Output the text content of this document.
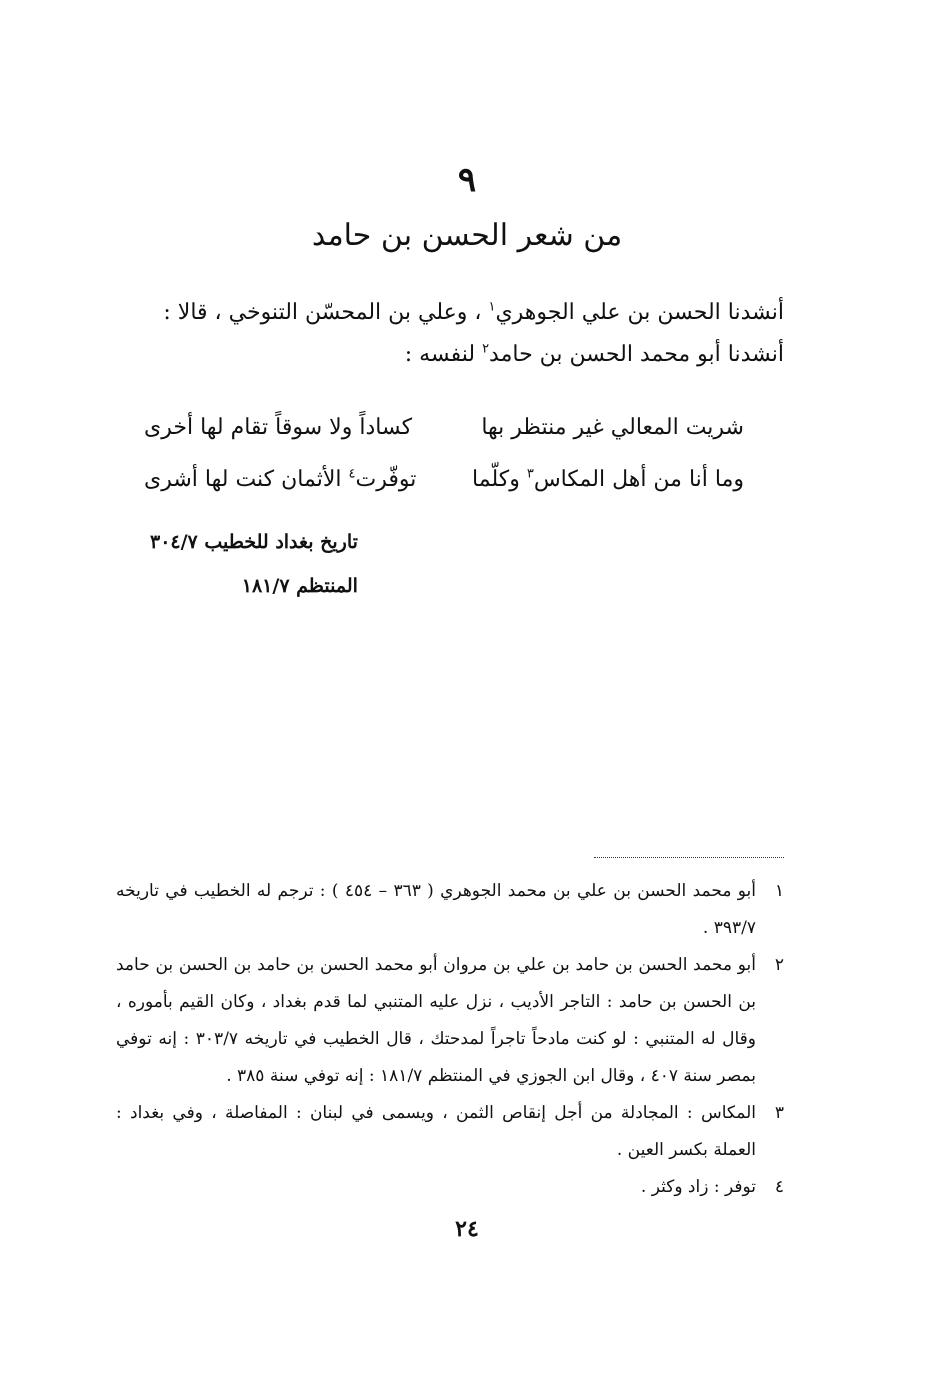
٩
من شعر الحسن بن حامد

أنشدنا الحسن بن علي الجوهري$^١$ ، وعلي بن المحسّن التنوخي ، قالا :

أنشدنا أبو محمد الحسن بن حامد$^٢$ لنفسه :

شريت المعالي غير منتظر بها
كساداً ولا سوقاً تقام لها أخرى
وما أنا من أهل المكاس$^٣$ وكلّما
توفّرت$^٤$ الأثمان كنت لها أشرى
تاريخ بغداد للخطيب ٣٠٤/٧
المنتظم ١٨١/٧
١
أبو محمد الحسن بن علي بن محمد الجوهري ( ٣٦٣ – ٤٥٤ ) : ترجم له الخطيب في تاريخه ٣٩٣/٧ .
٢
أبو محمد الحسن بن حامد بن علي بن مروان أبو محمد الحسن بن حامد بن الحسن بن حامد بن الحسن بن حامد : التاجر الأديب ، نزل عليه المتنبي لما قدم بغداد ، وكان القيم بأموره ، وقال له المتنبي : لو كنت مادحاً تاجراً لمدحتك ، قال الخطيب في تاريخه ٣٠٣/٧ : إنه توفي بمصر سنة ٤٠٧ ، وقال ابن الجوزي في المنتظم ١٨١/٧ : إنه توفي سنة ٣٨٥ .
٣
المكاس : المجادلة من أجل إنقاص الثمن ، ويسمى في لبنان : المفاصلة ، وفي بغداد : العملة بكسر العين .
٤
توفر : زاد وكثر .
٢٤
